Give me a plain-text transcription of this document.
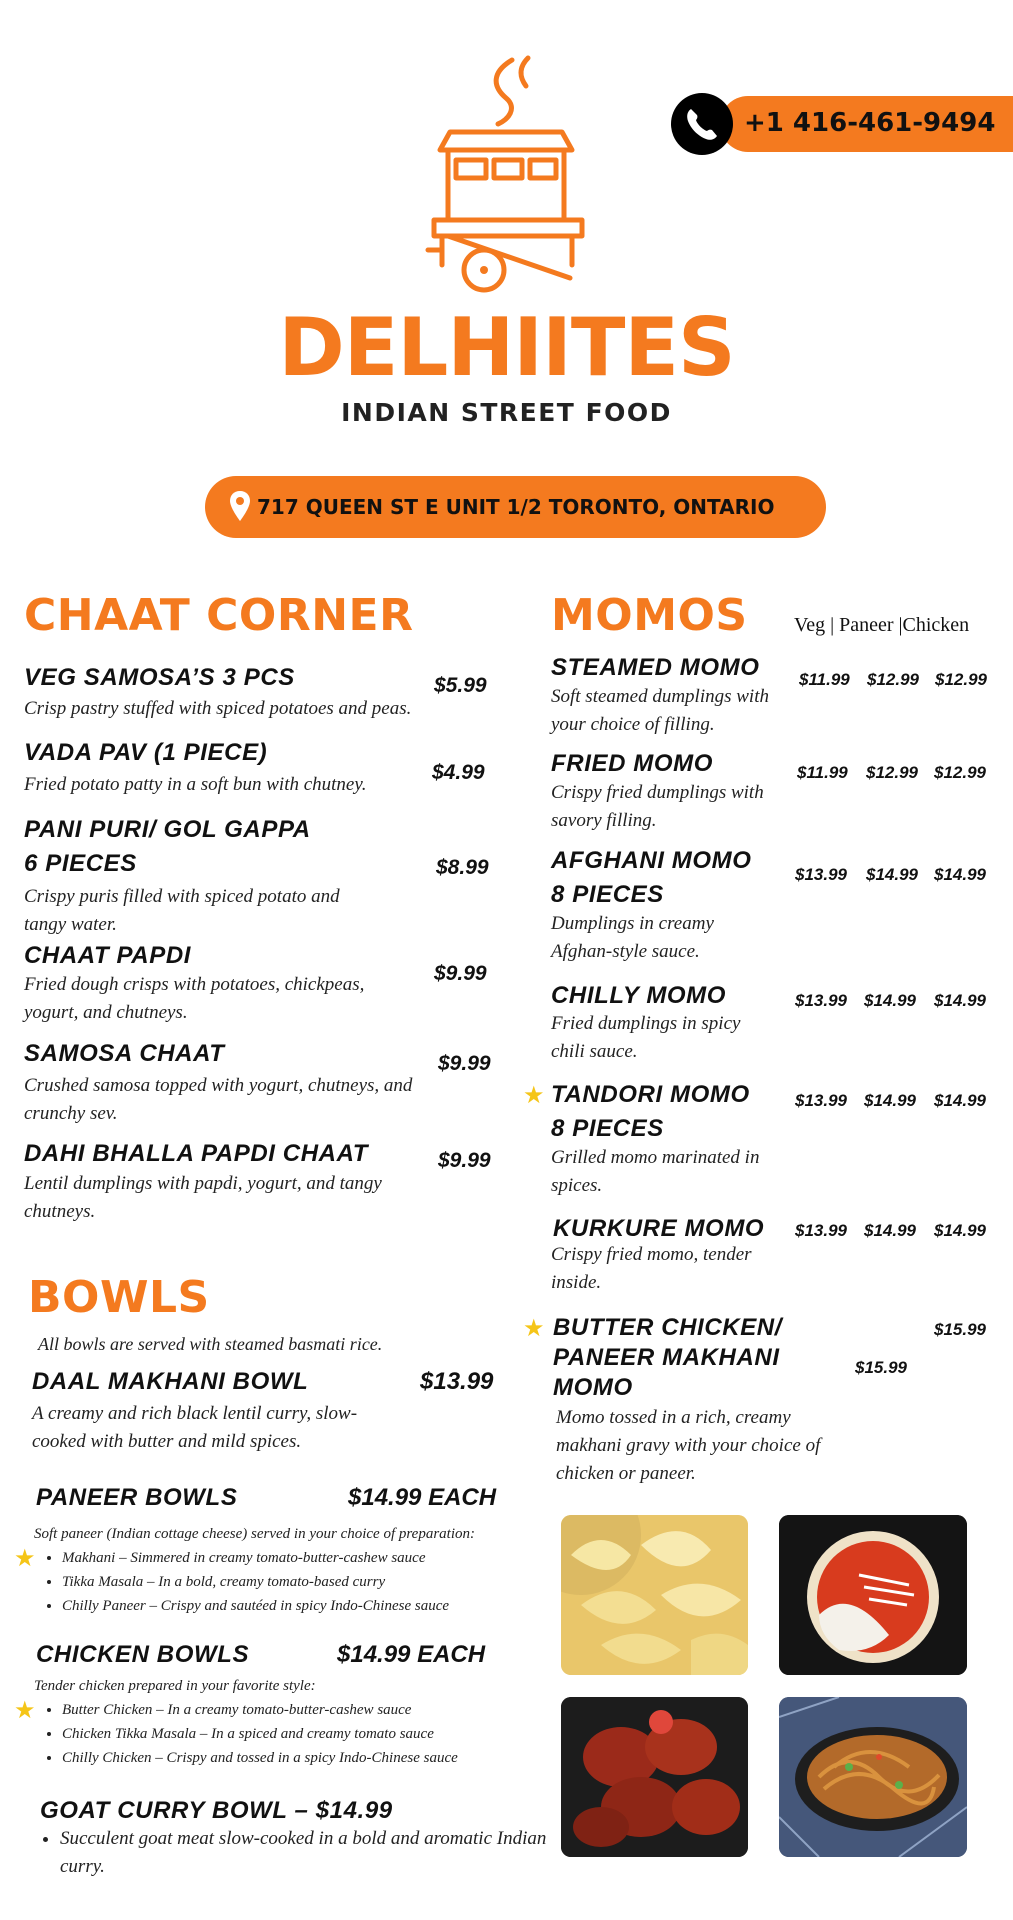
+1 416-461-9494
DELHIITES
INDIAN STREET FOOD
717 QUEEN ST E UNIT 1/2 TORONTO, ONTARIO
CHAAT CORNER
VEG SAMOSA’S 3 PCS	$5.99
Crisp pastry stuffed with spiced potatoes and peas.
VADA PAV (1 PIECE)
$4.99
Fried potato patty in a soft bun with chutney.
PANI PURI/ GOL GAPPA
6 PIECES	$8.99
Crispy puris filled with spiced potato and tangy water.
CHAAT PAPDI
$9.99
Fried dough crisps with potatoes, chickpeas, yogurt, and chutneys.
SAMOSA CHAAT	$9.99
Crushed samosa topped with yogurt, chutneys, and crunchy sev.
DAHI BHALLA PAPDI CHAAT	$9.99
Lentil dumplings with papdi, yogurt, and tangy chutneys.
BOWLS
All bowls are served with steamed basmati rice.
DAAL MAKHANI BOWL	$13.99
A creamy and rich black lentil curry, slow-cooked with butter and mild spices.
PANEER BOWLS	$14.99 EACH
Soft paneer (Indian cottage cheese) served in your choice of preparation:
★ • Makhani – Simmered in creamy tomato-butter-cashew sauce
• Tikka Masala – In a bold, creamy tomato-based curry
• Chilly Paneer – Crispy and sautéed in spicy Indo-Chinese sauce
CHICKEN BOWLS	$14.99 EACH
Tender chicken prepared in your favorite style:
★ • Butter Chicken – In a creamy tomato-butter-cashew sauce
• Chicken Tikka Masala – In a spiced and creamy tomato sauce
• Chilly Chicken – Crispy and tossed in a spicy Indo-Chinese sauce
GOAT CURRY BOWL – $14.99
• Succulent goat meat slow-cooked in a bold and aromatic Indian curry.
MOMOS Veg | Paneer |Chicken
STEAMED MOMO $11.99 $12.99 $12.99
Soft steamed dumplings with your choice of filling.
FRIED MOMO	$11.99 $12.99 $12.99
Crispy fried dumplings with savory filling.
AFGHANI MOMO
8 PIECES
$13.99 $14.99 $14.99
Dumplings in creamy Afghan-style sauce.
CHILLY MOMO	$13.99 $14.99 $14.99
Fried dumplings in spicy chili sauce.
★ TANDORI MOMO
8 PIECES
$13.99 $14.99 $14.99
Grilled momo marinated in spices.
KURKURE MOMO $13.99 $14.99 $14.99
Crispy fried momo, tender inside.
★ BUTTER CHICKEN/
PANEER MAKHANI
MOMO
$15.99
$15.99
Momo tossed in a rich, creamy makhani gravy with your choice of chicken or paneer.
